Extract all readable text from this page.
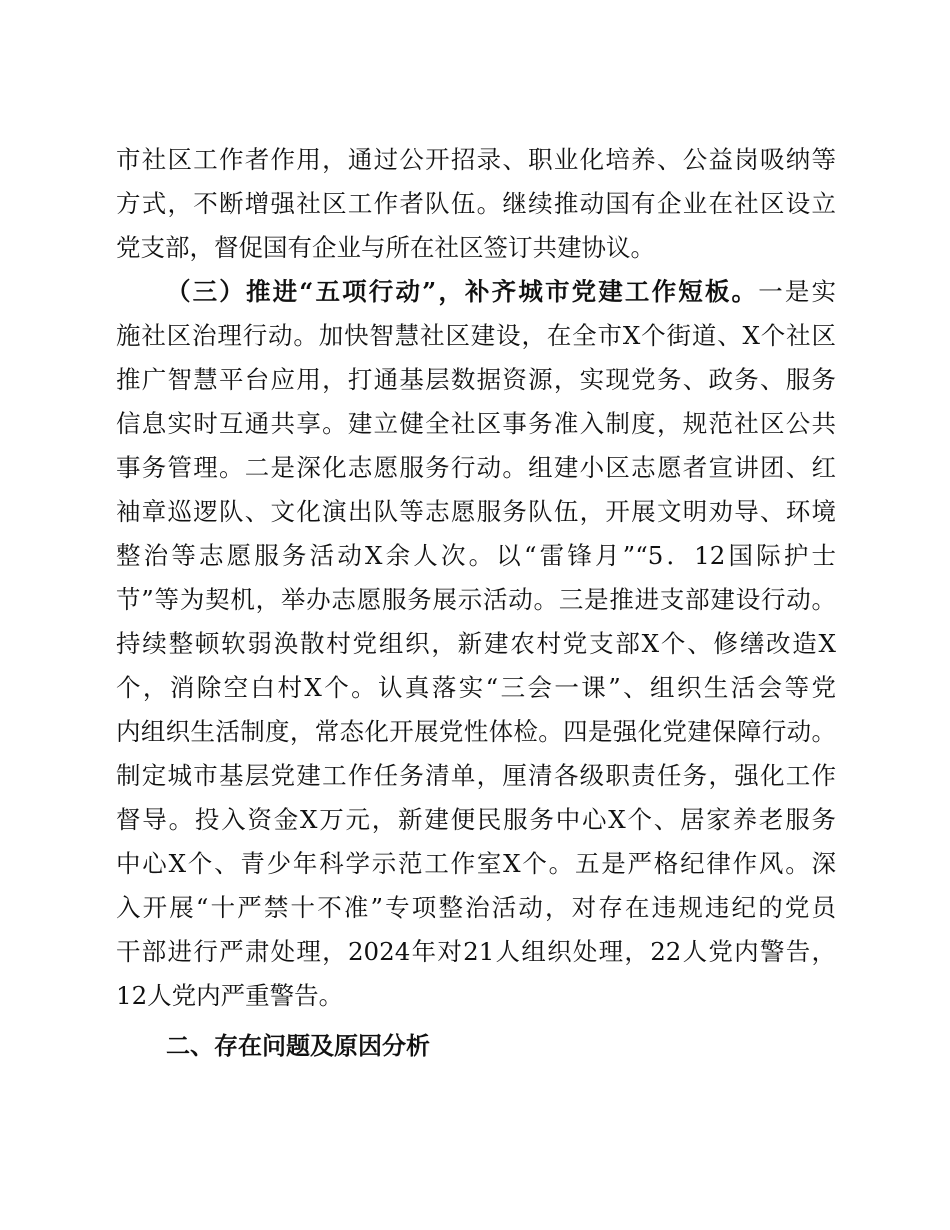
市社区工作者作用，通过公开招录、职业化培养、公益岗吸纳等
方式，不断增强社区工作者队伍。继续推动国有企业在社区设立
党支部，督促国有企业与所在社区签订共建协议。
（三）推进“五项行动”，补齐城市党建工作短板。一是实
施社区治理行动。加快智慧社区建设，在全市X个街道、X个社区
推广智慧平台应用，打通基层数据资源，实现党务、政务、服务
信息实时互通共享。建立健全社区事务准入制度，规范社区公共
事务管理。二是深化志愿服务行动。组建小区志愿者宣讲团、红
袖章巡逻队、文化演出队等志愿服务队伍，开展文明劝导、环境
整治等志愿服务活动X余人次。以“雷锋月”“5．12国际护士
节”等为契机，举办志愿服务展示活动。三是推进支部建设行动。
持续整顿软弱涣散村党组织，新建农村党支部X个、修缮改造X
个，消除空白村X个。认真落实“三会一课”、组织生活会等党
内组织生活制度，常态化开展党性体检。四是强化党建保障行动。
制定城市基层党建工作任务清单，厘清各级职责任务，强化工作
督导。投入资金X万元，新建便民服务中心X个、居家养老服务
中心X个、青少年科学示范工作室X个。五是严格纪律作风。深
入开展“十严禁十不准”专项整治活动，对存在违规违纪的党员
干部进行严肃处理，2024年对21人组织处理，22人党内警告，
12人党内严重警告。
二、存在问题及原因分析
